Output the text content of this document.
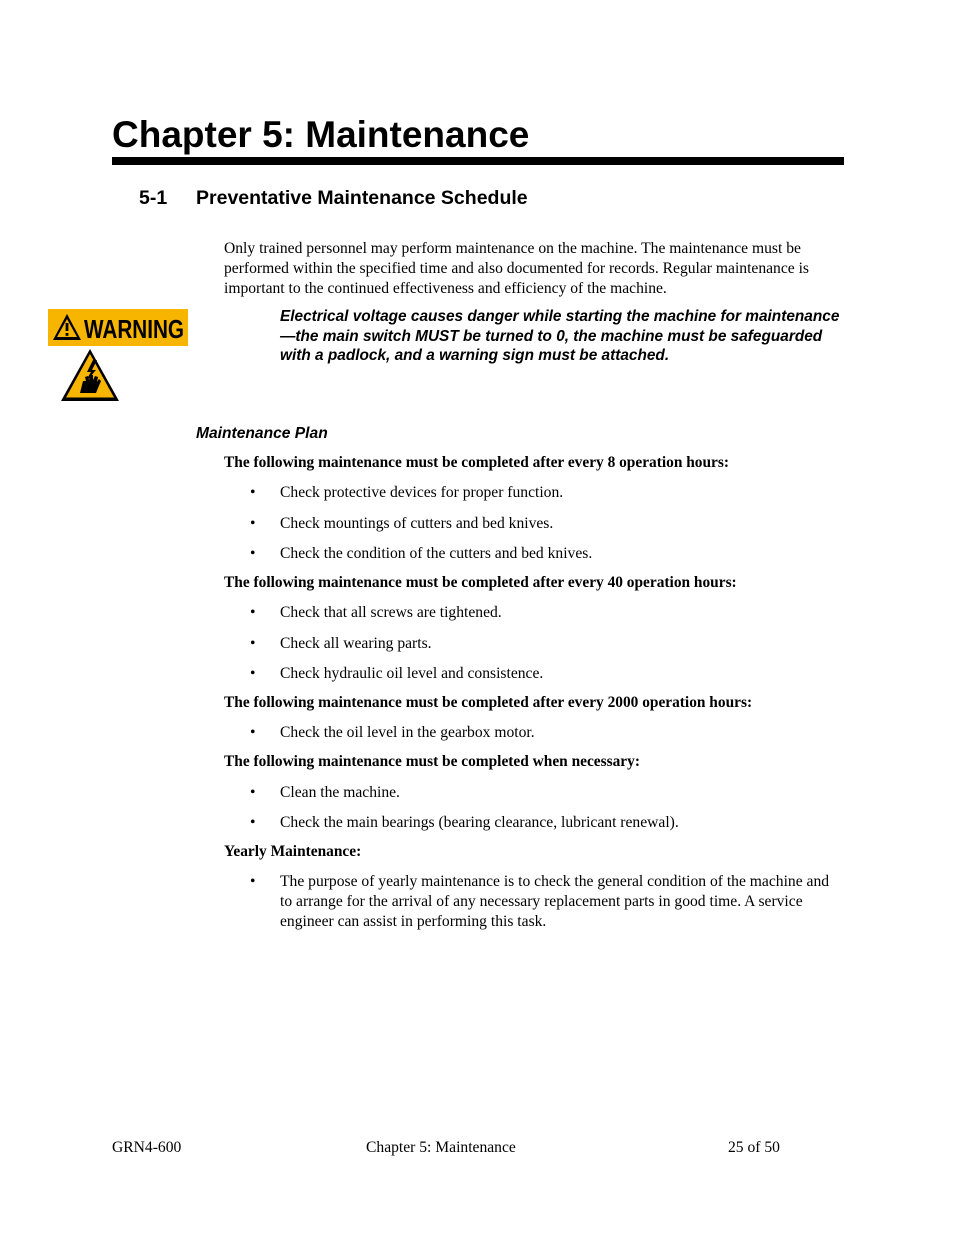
Chapter 5: Maintenance
5-1 Preventative Maintenance Schedule

Only trained personnel may perform maintenance on the machine. The maintenance must be performed within the specified time and also documented for records. Regular maintenance is important to the continued effectiveness and efficiency of the machine.

WARNING	Electrical voltage causes danger while starting the machine for maintenance—the main switch MUST be turned to 0, the machine must be safeguarded with a padlock, and a warning sign must be attached.

Maintenance Plan

The following maintenance must be completed after every 8 operation hours:

• Check protective devices for proper function.
• Check mountings of cutters and bed knives.
• Check the condition of the cutters and bed knives.

The following maintenance must be completed after every 40 operation hours:

• Check that all screws are tightened.
• Check all wearing parts.
• Check hydraulic oil level and consistence.

The following maintenance must be completed after every 2000 operation hours:

• Check the oil level in the gearbox motor.

The following maintenance must be completed when necessary:

• Clean the machine.
• Check the main bearings (bearing clearance, lubricant renewal).

Yearly Maintenance:

• The purpose of yearly maintenance is to check the general condition of the machine and to arrange for the arrival of any necessary replacement parts in good time. A service engineer can assist in performing this task.
GRN4-600	Chapter 5: Maintenance	25 of 50
